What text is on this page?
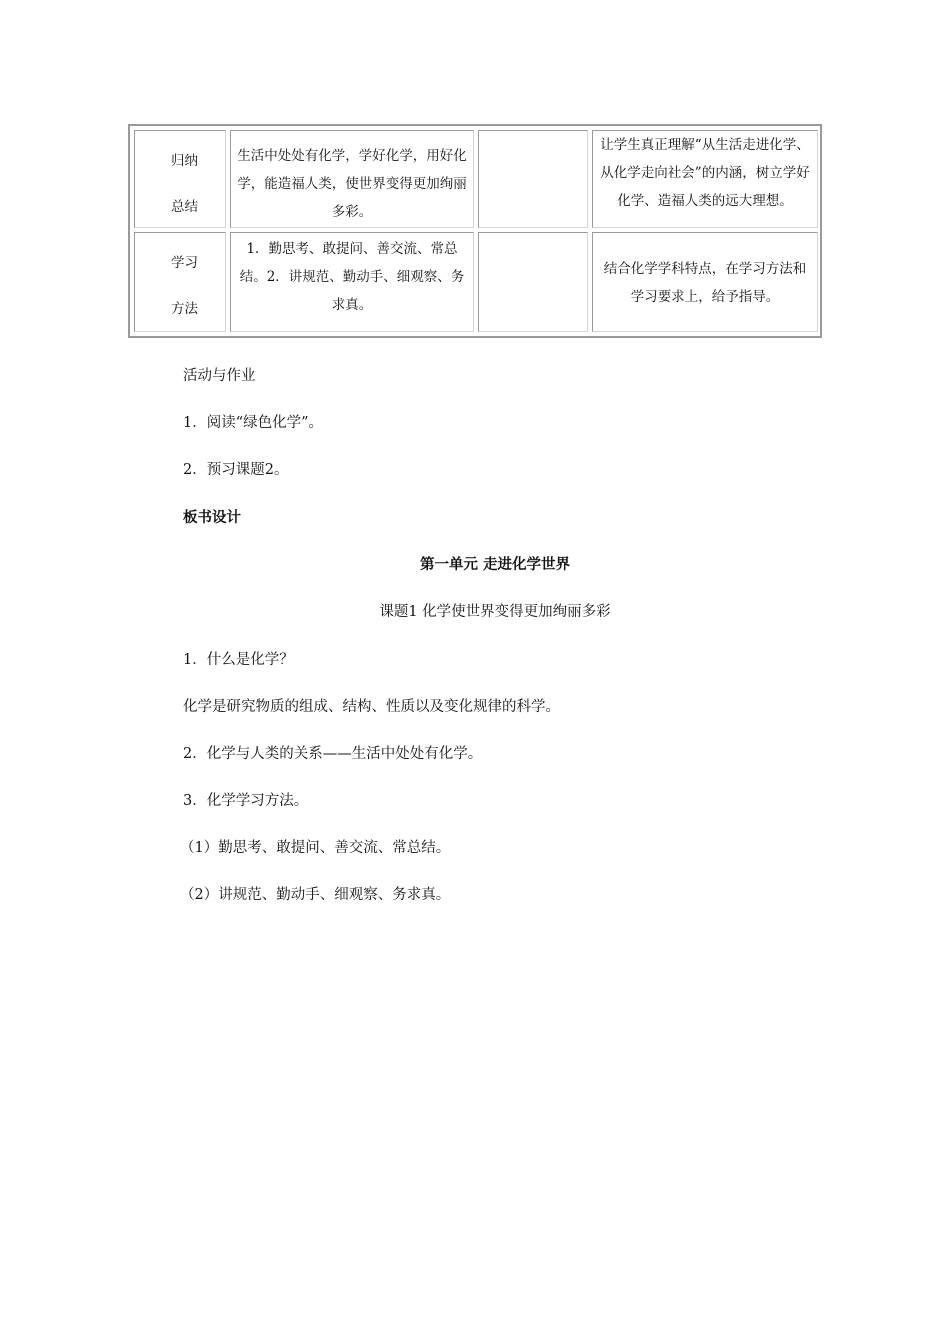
归纳
总结
生活中处处有化学，学好化学，用好化学，能造福人类，使世界变得更加绚丽多彩。
让学生真正理解“从生活走进化学、从化学走向社会”的内涵，树立学好化学、造福人类的远大理想。
学习
方法
1．勤思考、敢提问、善交流、常总结。2．讲规范、勤动手、细观察、务求真。
结合化学学科特点，在学习方法和学习要求上，给予指导。
活动与作业
1．阅读“绿色化学”。
2．预习课题2。
板书设计
第一单元 走进化学世界
课题1 化学使世界变得更加绚丽多彩
1．什么是化学？
化学是研究物质的组成、结构、性质以及变化规律的科学。
2．化学与人类的关系——生活中处处有化学。
3．化学学习方法。
（1）勤思考、敢提问、善交流、常总结。
（2）讲规范、勤动手、细观察、务求真。
